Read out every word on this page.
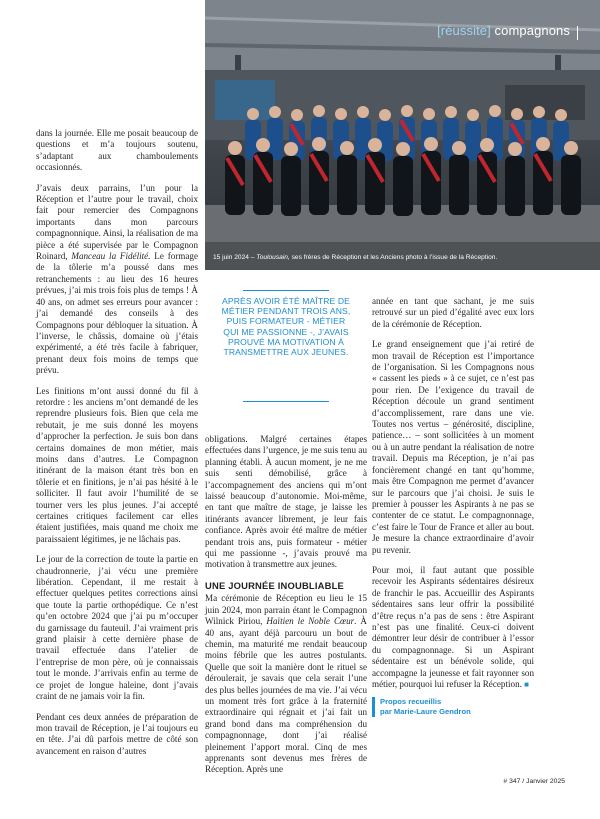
15 juin 2024 – Toulousain, ses frères de Réception et les Anciens photo à l’issue de la Réception.
[réussite] compagnons

dans la journée. Elle me posait beaucoup de questions et m’a toujours soutenu, s’adaptant aux chamboulements occasionnés.

J’avais deux parrains, l’un pour la Réception et l’autre pour le travail, choix fait pour remercier des Compagnons importants dans mon parcours compagnonnique. Ainsi, la réalisation de ma pièce a été supervisée par le Compagnon Roinard, Manceau la Fidélité. Le formage de la tôlerie m’a poussé dans mes retranchements : au lieu des 16 heures prévues, j’ai mis trois fois plus de temps ! À 40 ans, on admet ses erreurs pour avancer : j’ai demandé des conseils à des Compagnons pour débloquer la situation. À l’inverse, le châssis, domaine où j’étais expérimenté, a été très facile à fabriquer, prenant deux fois moins de temps que prévu.

Les finitions m’ont aussi donné du fil à retordre : les anciens m’ont demandé de les reprendre plusieurs fois. Bien que cela me rebutait, je me suis donné les moyens d’approcher la perfection. Je suis bon dans certains domaines de mon métier, mais moins dans d’autres. Le Compagnon itinérant de la maison étant très bon en tôlerie et en finitions, je n’ai pas hésité à le solliciter. Il faut avoir l’humilité de se tourner vers les plus jeunes. J’ai accepté certaines critiques facilement car elles étaient justifiées, mais quand me choix me paraissaient légitimes, je ne lâchais pas.

Le jour de la correction de toute la partie en chaudronnerie, j’ai vécu une première libération. Cependant, il me restait à effectuer quelques petites corrections ainsi que toute la partie orthopédique. Ce n’est qu’en octobre 2024 que j’ai pu m’occuper du garnissage du fauteuil. J’ai vraiment pris grand plaisir à cette dernière phase de travail effectuée dans l’atelier de l’entreprise de mon père, où je connaissais tout le monde. J’arrivais enfin au terme de ce projet de longue haleine, dont j’avais craint de ne jamais voir la fin.

Pendant ces deux années de préparation de mon travail de Réception, je l’ai toujours eu en tête. J’ai dû parfois mettre de côté son avancement en raison d’autres

APRÈS AVOIR ÉTÉ MAÎTRE DE MÉTIER PENDANT TROIS ANS, PUIS FORMATEUR - MÉTIER QUI ME PASSIONNE -, J’AVAIS PROUVÉ MA MOTIVATION À TRANSMETTRE AUX JEUNES.

obligations. Malgré certaines étapes effectuées dans l’urgence, je me suis tenu au planning établi. À aucun moment, je ne me suis senti démobilisé, grâce à l’accompagnement des anciens qui m’ont laissé beaucoup d’autonomie. Moi-même, en tant que maître de stage, je laisse les itinérants avancer librement, je leur fais confiance. Après avoir été maître de métier pendant trois ans, puis formateur - métier qui me passionne -, j’avais prouvé ma motivation à transmettre aux jeunes.

UNE JOURNÉE INOUBLIABLE

Ma cérémonie de Réception eu lieu le 15 juin 2024, mon parrain étant le Compagnon Wilnick Piriou, Haïtien le Noble Cœur. À 40 ans, ayant déjà parcouru un bout de chemin, ma maturité me rendait beaucoup moins fébrile que les autres postulants. Quelle que soit la manière dont le rituel se déroulerait, je savais que cela serait l’une des plus belles journées de ma vie. J’ai vécu un moment très fort grâce à la fraternité extraordinaire qui régnait et j’ai fait un grand bond dans ma compréhension du compagnonnage, dont j’ai réalisé pleinement l’apport moral. Cinq de mes apprenants sont devenus mes frères de Réception. Après une

année en tant que sachant, je me suis retrouvé sur un pied d’égalité avec eux lors de la cérémonie de Réception.

Le grand enseignement que j’ai retiré de mon travail de Réception est l’importance de l’organisation. Si les Compagnons nous « cassent les pieds » à ce sujet, ce n’est pas pour rien. De l’exigence du travail de Réception découle un grand sentiment d’accomplissement, rare dans une vie. Toutes nos vertus – générosité, discipline, patience… – sont sollicitées à un moment ou à un autre pendant la réalisation de notre travail. Depuis ma Réception, je n’ai pas foncièrement changé en tant qu’homme, mais être Compagnon me permet d’avancer sur le parcours que j’ai choisi. Je suis le premier à pousser les Aspirants à ne pas se contenter de ce statut. Le compagnonnage, c’est faire le Tour de France et aller au bout. Je mesure la chance extraordinaire d’avoir pu revenir.

Pour moi, il faut autant que possible recevoir les Aspirants sédentaires désireux de franchir le pas. Accueillir des Aspirants sédentaires sans leur offrir la possibilité d’être reçus n’a pas de sens : être Aspirant n’est pas une finalité. Ceux-ci doivent démontrer leur désir de contribuer à l’essor du compagnonnage. Si un Aspirant sédentaire est un bénévole solide, qui accompagne la jeunesse et fait rayonner son métier, pourquoi lui refuser la Réception. ■

Propos recueillis
par Marie-Laure Gendron
# 347 / Janvier 2025
